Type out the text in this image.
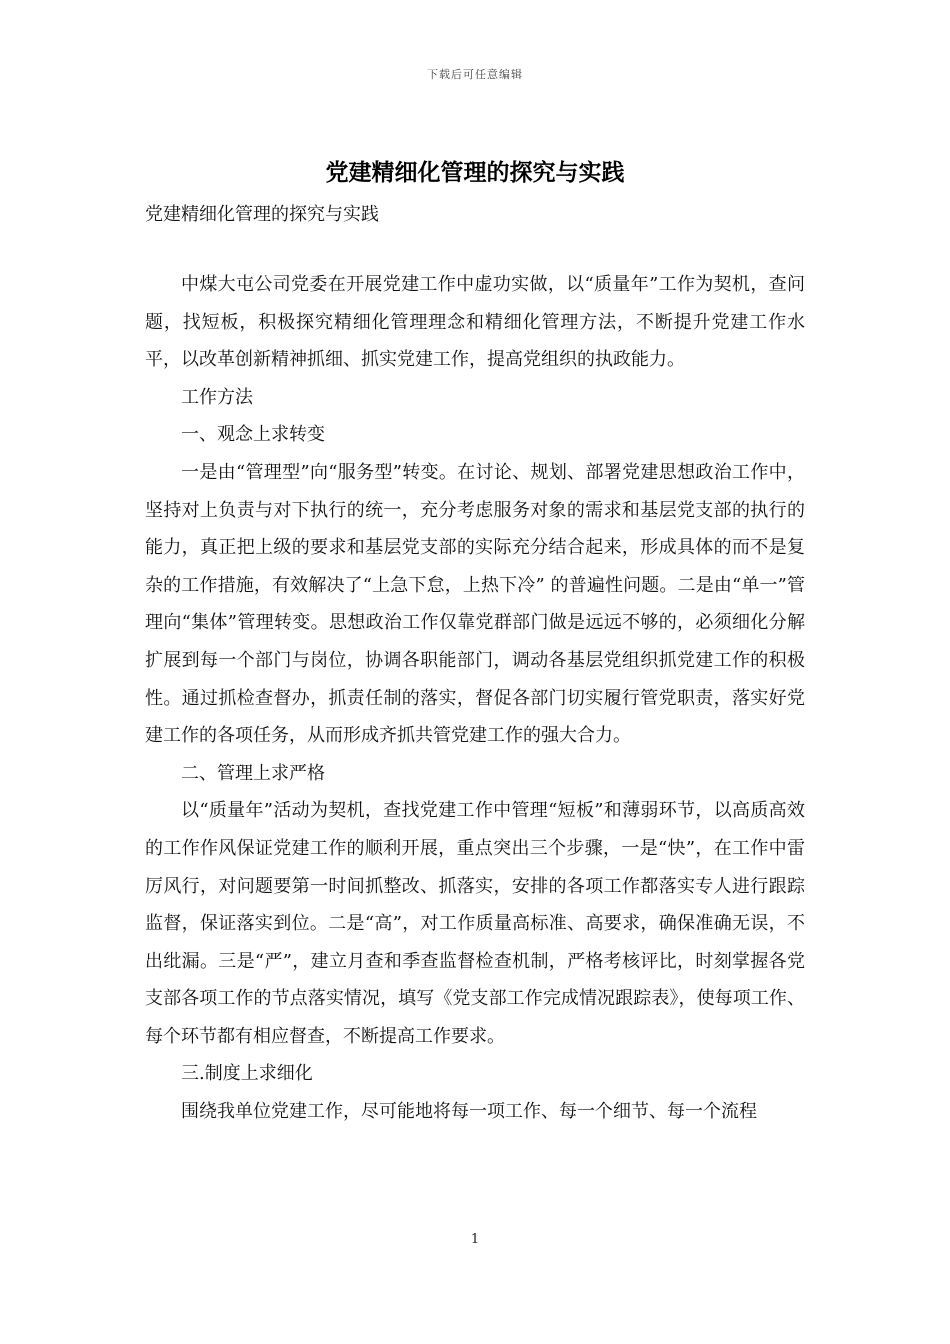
下载后可任意编辑
党建精细化管理的探究与实践

党建精细化管理的探究与实践

中煤大屯公司党委在开展党建工作中虚功实做，以“质量年”工作为契机，查问题，找短板，积极探究精细化管理理念和精细化管理方法，不断提升党建工作水平，以改革创新精神抓细、抓实党建工作，提高党组织的执政能力。

工作方法

一、观念上求转变

一是由“管理型”向“服务型”转变。在讨论、规划、部署党建思想政治工作中，坚持对上负责与对下执行的统一，充分考虑服务对象的需求和基层党支部的执行的能力，真正把上级的要求和基层党支部的实际充分结合起来，形成具体的而不是复杂的工作措施，有效解决了“上急下怠，上热下冷” 的普遍性问题。二是由“单一”管理向“集体”管理转变。思想政治工作仅靠党群部门做是远远不够的，必须细化分解扩展到每一个部门与岗位，协调各职能部门，调动各基层党组织抓党建工作的积极性。通过抓检查督办，抓责任制的落实，督促各部门切实履行管党职责，落实好党建工作的各项任务，从而形成齐抓共管党建工作的强大合力。

二、管理上求严格

以“质量年”活动为契机，查找党建工作中管理“短板”和薄弱环节，以高质高效的工作作风保证党建工作的顺利开展，重点突出三个步骤，一是“快”，在工作中雷厉风行，对问题要第一时间抓整改、抓落实，安排的各项工作都落实专人进行跟踪监督，保证落实到位。二是“高”，对工作质量高标准、高要求，确保准确无误，不出纰漏。三是“严”，建立月查和季查监督检查机制，严格考核评比，时刻掌握各党支部各项工作的节点落实情况，填写《党支部工作完成情况跟踪表》，使每项工作、每个环节都有相应督查，不断提高工作要求。

三.制度上求细化

围绕我单位党建工作，尽可能地将每一项工作、每一个细节、每一个流程

1
